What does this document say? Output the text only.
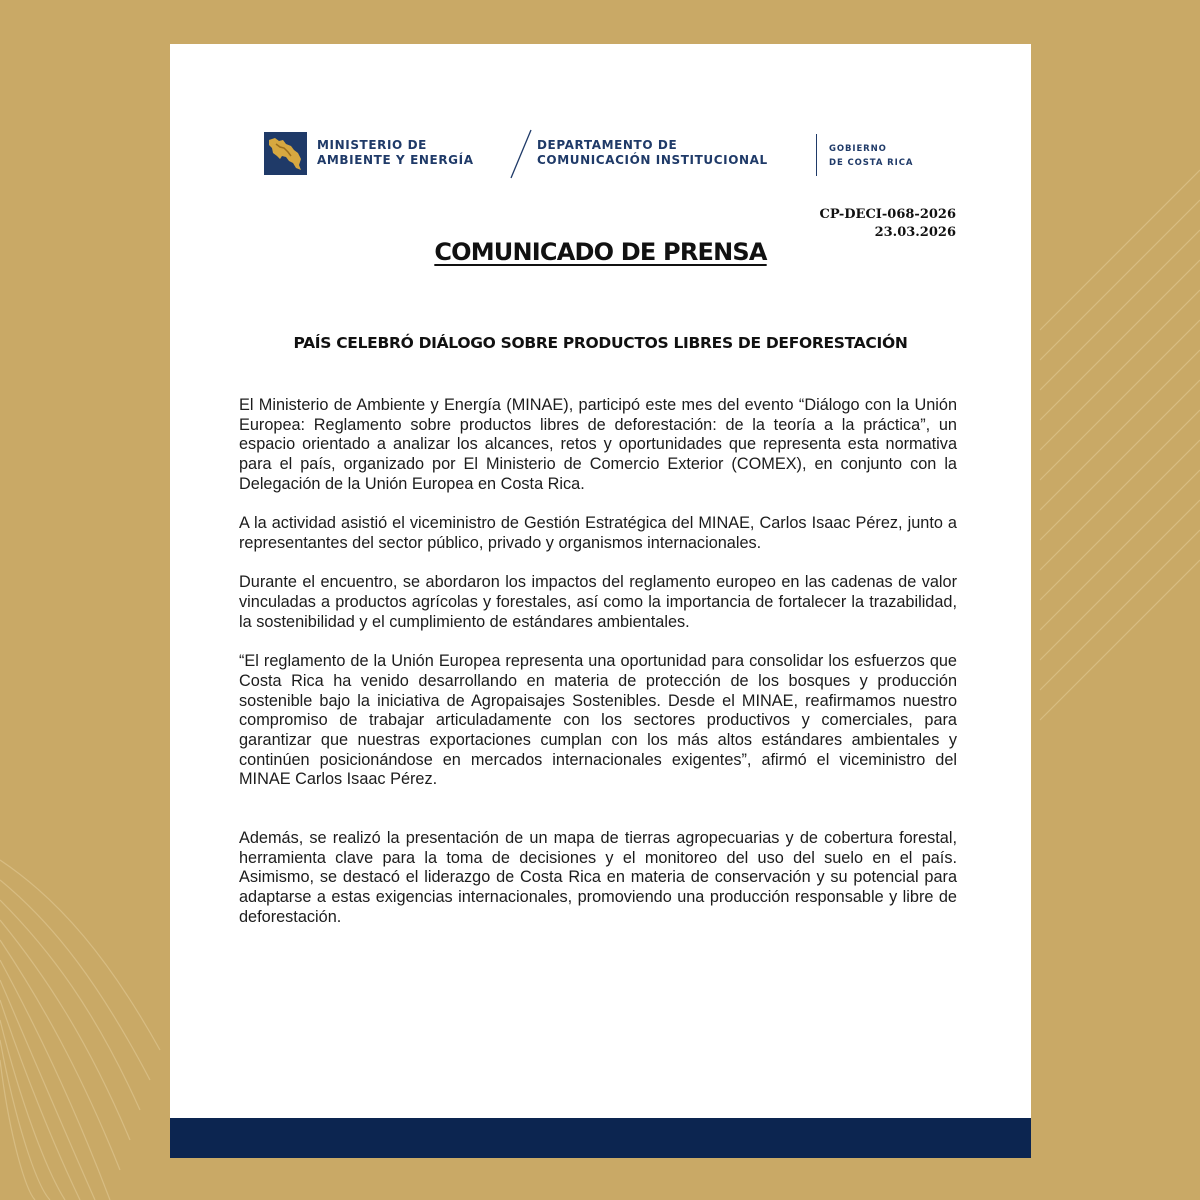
MINISTERIO DE
AMBIENTE Y ENERGÍA
DEPARTAMENTO DE
COMUNICACIÓN INSTITUCIONAL
GOBIERNO
DE COSTA RICA
CP-DECI-068-2026
23.03.2026
COMUNICADO DE PRENSA
PAÍS CELEBRÓ DIÁLOGO SOBRE PRODUCTOS LIBRES DE DEFORESTACIÓN

El Ministerio de Ambiente y Energía (MINAE), participó este mes del evento “Diálogo con la Unión Europea: Reglamento sobre productos libres de deforestación: de la teoría a la práctica”, un espacio orientado a analizar los alcances, retos y oportunidades que representa esta normativa para el país, organizado por El Ministerio de Comercio Exterior (COMEX), en conjunto con la Delegación de la Unión Europea en Costa Rica.

A la actividad asistió el viceministro de Gestión Estratégica del MINAE, Carlos Isaac Pérez, junto a representantes del sector público, privado y organismos internacionales.

Durante el encuentro, se abordaron los impactos del reglamento europeo en las cadenas de valor vinculadas a productos agrícolas y forestales, así como la importancia de fortalecer la trazabilidad, la sostenibilidad y el cumplimiento de estándares ambientales.

“El reglamento de la Unión Europea representa una oportunidad para consolidar los esfuerzos que Costa Rica ha venido desarrollando en materia de protección de los bosques y producción sostenible bajo la iniciativa de Agropaisajes Sostenibles. Desde el MINAE, reafirmamos nuestro compromiso de trabajar articuladamente con los sectores productivos y comerciales, para garantizar que nuestras exportaciones cumplan con los más altos estándares ambientales y continúen posicionándose en mercados internacionales exigentes”, afirmó el viceministro del MINAE Carlos Isaac Pérez.

Además, se realizó la presentación de un mapa de tierras agropecuarias y de cobertura forestal, herramienta clave para la toma de decisiones y el monitoreo del uso del suelo en el país. Asimismo, se destacó el liderazgo de Costa Rica en materia de conservación y su potencial para adaptarse a estas exigencias internacionales, promoviendo una producción responsable y libre de deforestación.
